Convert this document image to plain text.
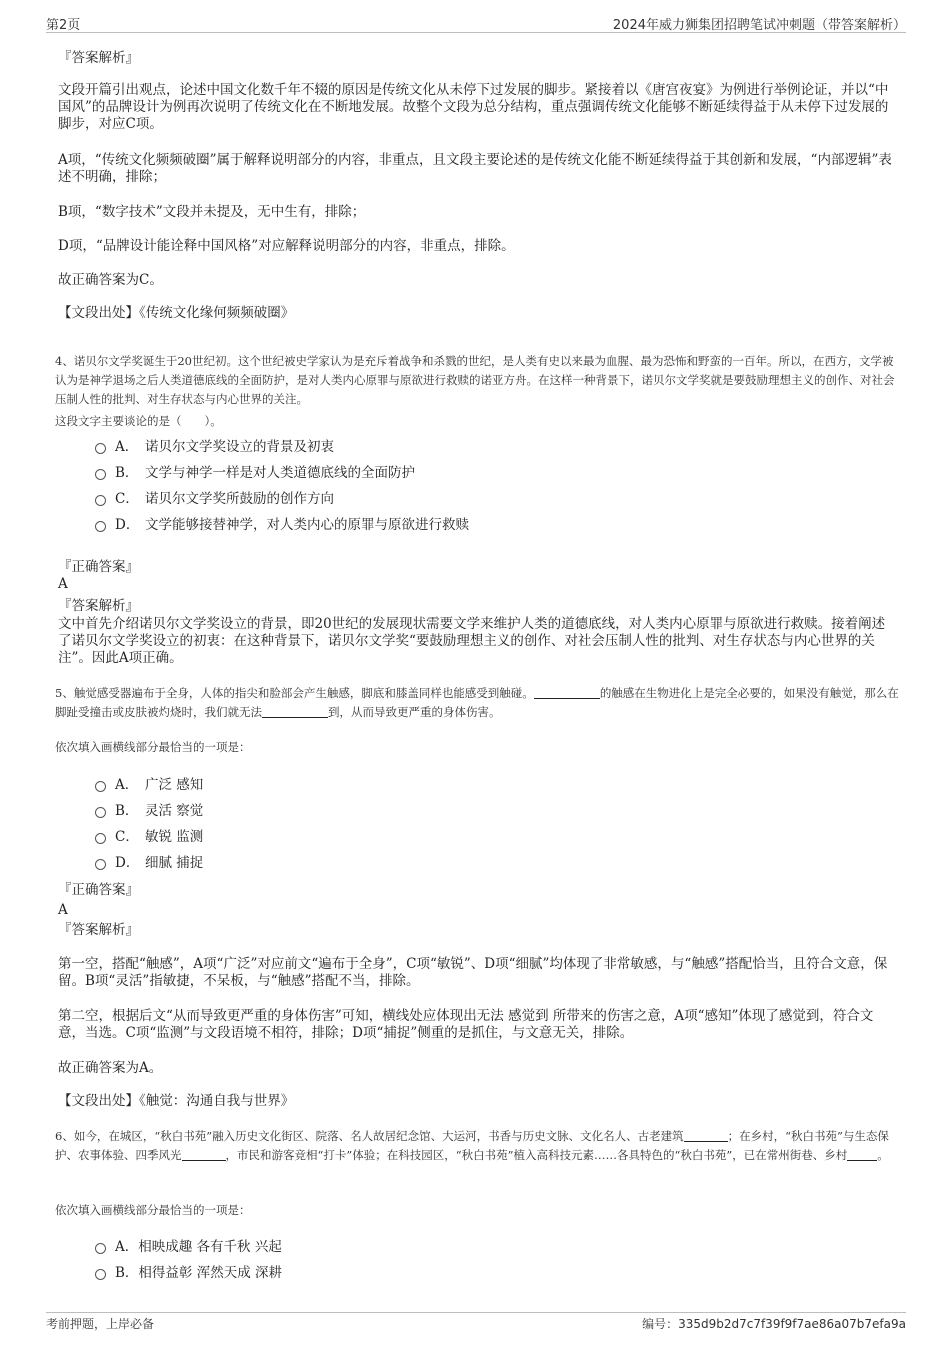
第2页	2024年威力狮集团招聘笔试冲刺题（带答案解析）
『答案解析』
文段开篇引出观点，论述中国文化数千年不辍的原因是传统文化从未停下过发展的脚步。紧接着以《唐宫夜宴》为例进行举例论证，并以“中国风”的品牌设计为例再次说明了传统文化在不断地发展。故整个文段为总分结构，重点强调传统文化能够不断延续得益于从未停下过发展的脚步，对应C项。
A项，“传统文化频频破圈”属于解释说明部分的内容，非重点，且文段主要论述的是传统文化能不断延续得益于其创新和发展，“内部逻辑”表述不明确，排除；
B项，“数字技术”文段并未提及，无中生有，排除；
D项，“品牌设计能诠释中国风格”对应解释说明部分的内容，非重点，排除。
故正确答案为C。
【文段出处】《传统文化缘何频频破圈》
4、诺贝尔文学奖诞生于20世纪初。这个世纪被史学家认为是充斥着战争和杀戮的世纪，是人类有史以来最为血腥、最为恐怖和野蛮的一百年。所以，在西方，文学被认为是神学退场之后人类道德底线的全面防护，是对人类内心原罪与原欲进行救赎的诺亚方舟。在这样一种背景下，诺贝尔文学奖就是要鼓励理想主义的创作、对社会压制人性的批判、对生存状态与内心世界的关注。
这段文字主要谈论的是（　　）。
A． 诺贝尔文学奖设立的背景及初衷
B． 文学与神学一样是对人类道德底线的全面防护
C． 诺贝尔文学奖所鼓励的创作方向
D． 文学能够接替神学，对人类内心的原罪与原欲进行救赎
『正确答案』
A
『答案解析』
文中首先介绍诺贝尔文学奖设立的背景，即20世纪的发展现状需要文学来维护人类的道德底线，对人类内心原罪与原欲进行救赎。接着阐述了诺贝尔文学奖设立的初衷：在这种背景下，诺贝尔文学奖“要鼓励理想主义的创作、对社会压制人性的批判、对生存状态与内心世界的关注”。因此A项正确。
5、触觉感受器遍布于全身，人体的指尖和脸部会产生触感，脚底和膝盖同样也能感受到触碰。	的触感在生物进化上是完全必要的，如果没有触觉，那么在脚趾受撞击或皮肤被灼烧时，我们就无法	到，从而导致更严重的身体伤害。
依次填入画横线部分最恰当的一项是：
A． 广泛 感知
B． 灵活 察觉
C． 敏锐 监测
D． 细腻 捕捉
『正确答案』
A
『答案解析』
第一空，搭配“触感”，A项“广泛”对应前文“遍布于全身”，C项“敏锐”、D项“细腻”均体现了非常敏感，与“触感”搭配恰当，且符合文意，保留。B项“灵活”指敏捷，不呆板，与“触感”搭配不当，排除。
第二空，根据后文“从而导致更严重的身体伤害”可知，横线处应体现出无法 感觉到 所带来的伤害之意，A项“感知”体现了感觉到，符合文意，当选。C项“监测”与文段语境不相符，排除；D项“捕捉”侧重的是抓住，与文意无关，排除。
故正确答案为A。
【文段出处】《触觉：沟通自我与世界》
6、如今，在城区，“秋白书苑”融入历史文化街区、院落、名人故居纪念馆、大运河，书香与历史文脉、文化名人、古老建筑	；在乡村，“秋白书苑”与生态保护、农事体验、四季风光	，市民和游客竞相“打卡”体验；在科技园区，“秋白书苑”植入高科技元素……各具特色的“秋白书苑”，已在常州街巷、乡村	。
依次填入画横线部分最恰当的一项是：
A．相映成趣 各有千秋 兴起
B．相得益彰 浑然天成 深耕
考前押题，上岸必备	编号：335d9b2d7c7f39f9f7ae86a07b7efa9a
